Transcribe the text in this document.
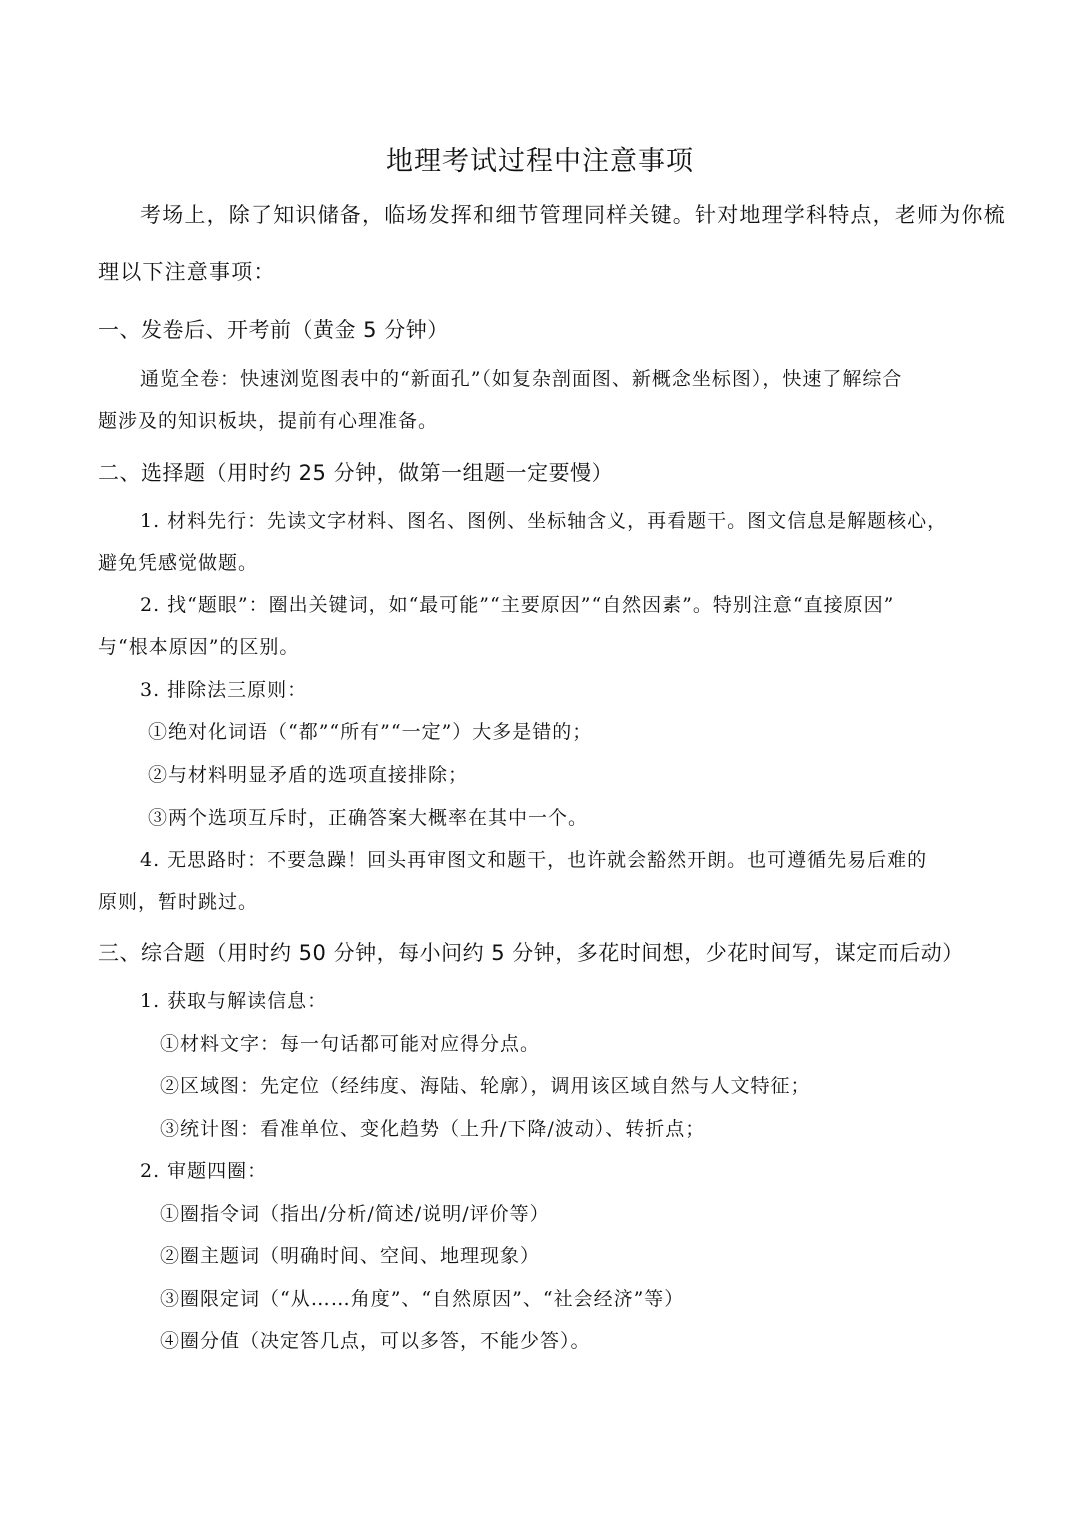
地理考试过程中注意事项
考场上，除了知识储备，临场发挥和细节管理同样关键。针对地理学科特点，老师为你梳
理以下注意事项：
一、发卷后、开考前（黄金 5 分钟）
通览全卷：快速浏览图表中的“新面孔”（如复杂剖面图、新概念坐标图），快速了解综合
题涉及的知识板块，提前有心理准备。
二、选择题（用时约 25 分钟，做第一组题一定要慢）
1. 材料先行：先读文字材料、图名、图例、坐标轴含义，再看题干。图文信息是解题核心，
避免凭感觉做题。
2. 找“题眼”：圈出关键词，如“最可能”“主要原因”“自然因素”。特别注意“直接原因”
与“根本原因”的区别。
3. 排除法三原则：
①绝对化词语（“都”“所有”“一定”）大多是错的；
②与材料明显矛盾的选项直接排除；
③两个选项互斥时，正确答案大概率在其中一个。
4. 无思路时：不要急躁！回头再审图文和题干，也许就会豁然开朗。也可遵循先易后难的
原则，暂时跳过。
三、综合题（用时约 50 分钟，每小问约 5 分钟，多花时间想，少花时间写，谋定而后动）
1. 获取与解读信息：
①材料文字：每一句话都可能对应得分点。
②区域图：先定位（经纬度、海陆、轮廓），调用该区域自然与人文特征；
③统计图：看准单位、变化趋势（上升/下降/波动）、转折点；
2. 审题四圈：
①圈指令词（指出/分析/简述/说明/评价等）
②圈主题词（明确时间、空间、地理现象）
③圈限定词（“从……角度”、“自然原因”、“社会经济”等）
④圈分值（决定答几点，可以多答，不能少答）。
